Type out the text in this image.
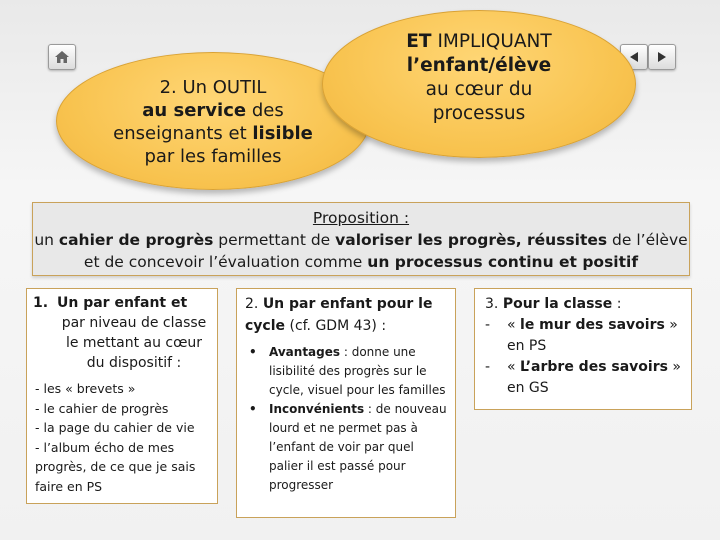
2. Un OUTIL
au service des
enseignants et lisible
par les familles
ET IMPLIQUANT
l’enfant/élève
au cœur du
processus
Proposition :
un cahier de progrès permettant de valoriser les progrès, réussites de l’élève
et de concevoir l’évaluation comme un processus continu et positif
1. Un par enfant et
par niveau de classe le mettant au cœur du dispositif :
- les « brevets »
- le cahier de progrès
- la page du cahier de vie
- l’album écho de mes progrès, de ce que je sais faire en PS
2. Un par enfant pour le cycle (cf. GDM 43) :
• Avantages : donne une lisibilité des progrès sur le cycle, visuel pour les familles
• Inconvénients : de nouveau lourd et ne permet pas à l’enfant de voir par quel palier il est passé pour progresser
3. Pour la classe :
- « le mur des savoirs » en PS
- « L’arbre des savoirs » en GS
